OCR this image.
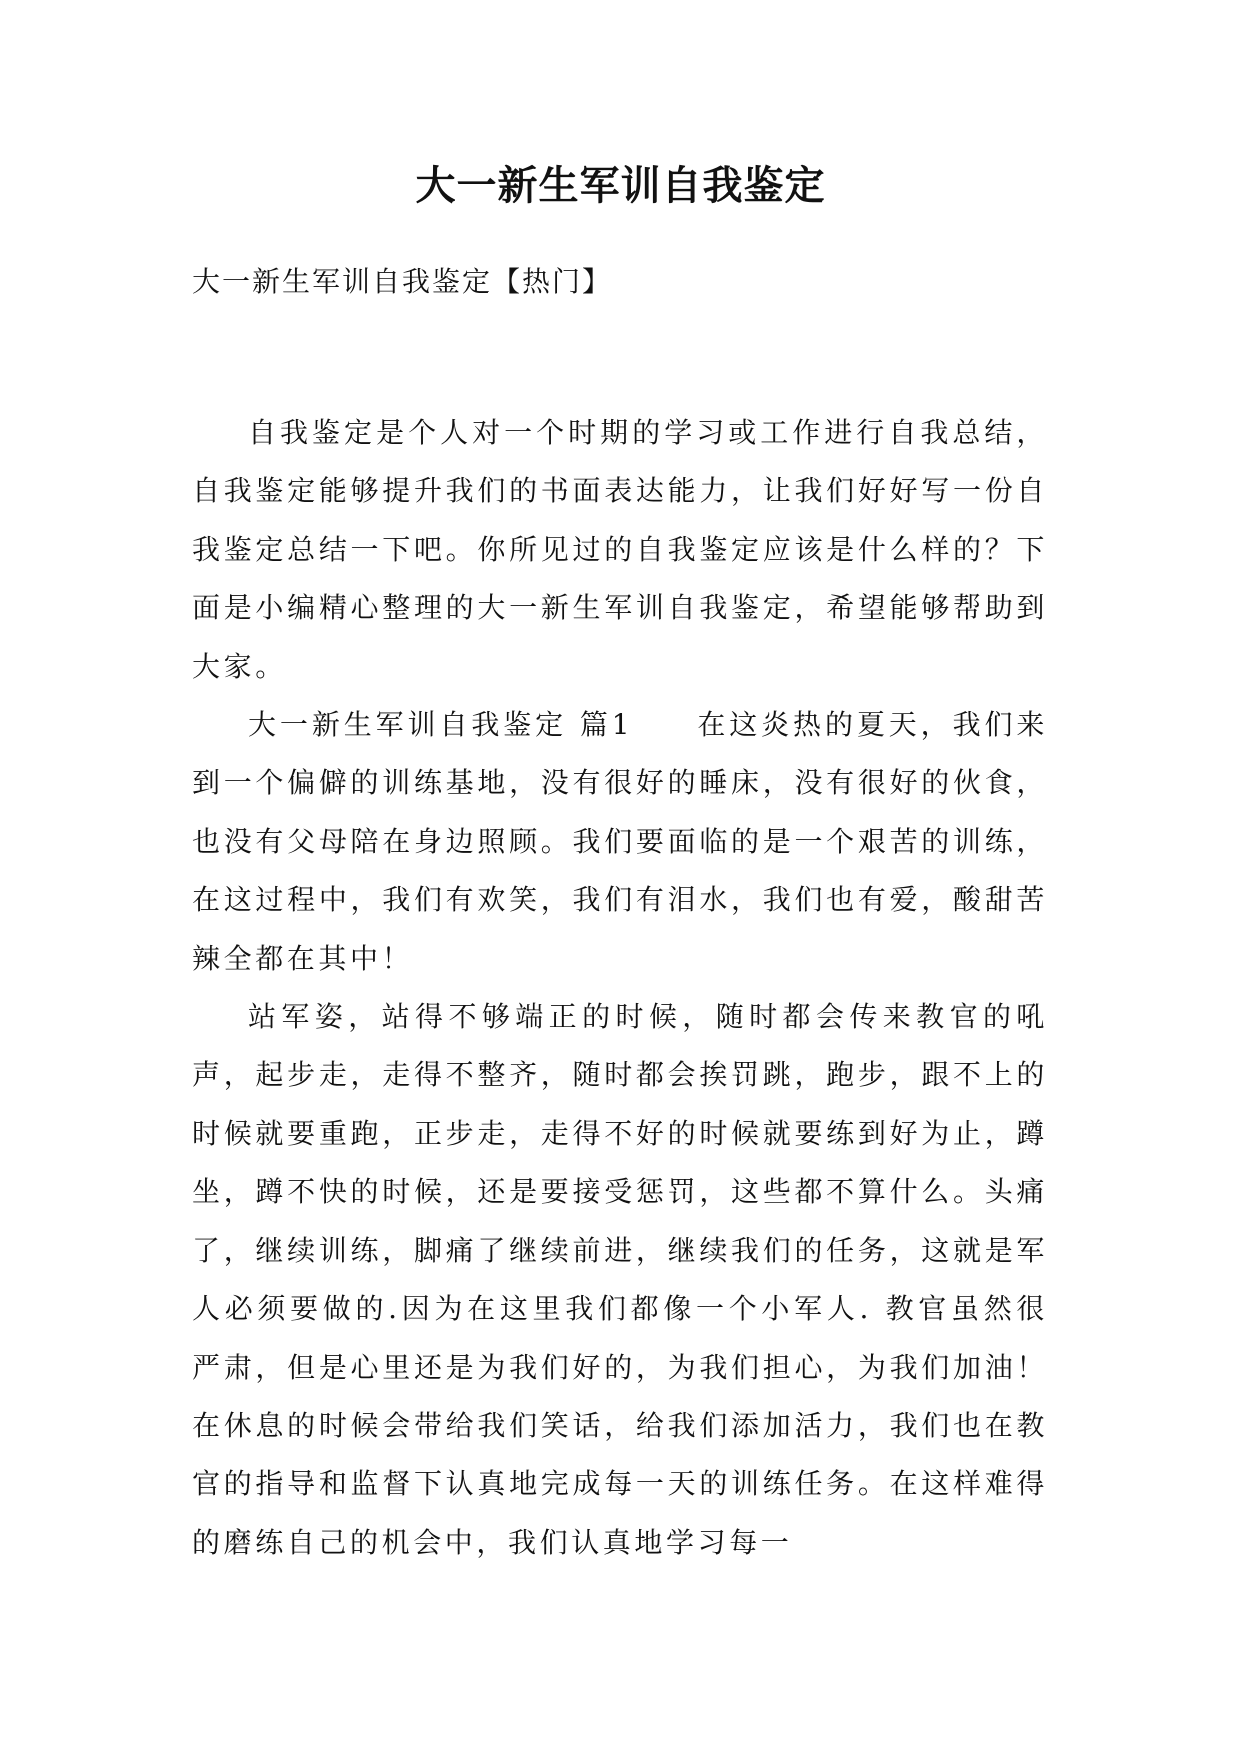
大一新生军训自我鉴定
大一新生军训自我鉴定【热门】

自我鉴定是个人对一个时期的学习或工作进行自我总结，自我鉴定能够提升我们的书面表达能力，让我们好好写一份自我鉴定总结一下吧。你所见过的自我鉴定应该是什么样的？下面是小编精心整理的大一新生军训自我鉴定，希望能够帮助到大家。

大一新生军训自我鉴定 篇1　　在这炎热的夏天，我们来到一个偏僻的训练基地，没有很好的睡床，没有很好的伙食，也没有父母陪在身边照顾。我们要面临的是一个艰苦的训练，在这过程中，我们有欢笑，我们有泪水，我们也有爱，酸甜苦辣全都在其中！

站军姿，站得不够端正的时候，随时都会传来教官的吼声，起步走，走得不整齐，随时都会挨罚跳，跑步，跟不上的时候就要重跑，正步走，走得不好的时候就要练到好为止，蹲坐，蹲不快的时候，还是要接受惩罚，这些都不算什么。头痛了，继续训练，脚痛了继续前进，继续我们的任务，这就是军人必须要做的.因为在这里我们都像一个小军人. 教官虽然很严肃，但是心里还是为我们好的，为我们担心，为我们加油！在休息的时候会带给我们笑话，给我们添加活力，我们也在教官的指导和监督下认真地完成每一天的训练任务。在这样难得的磨练自己的机会中，我们认真地学习每一
